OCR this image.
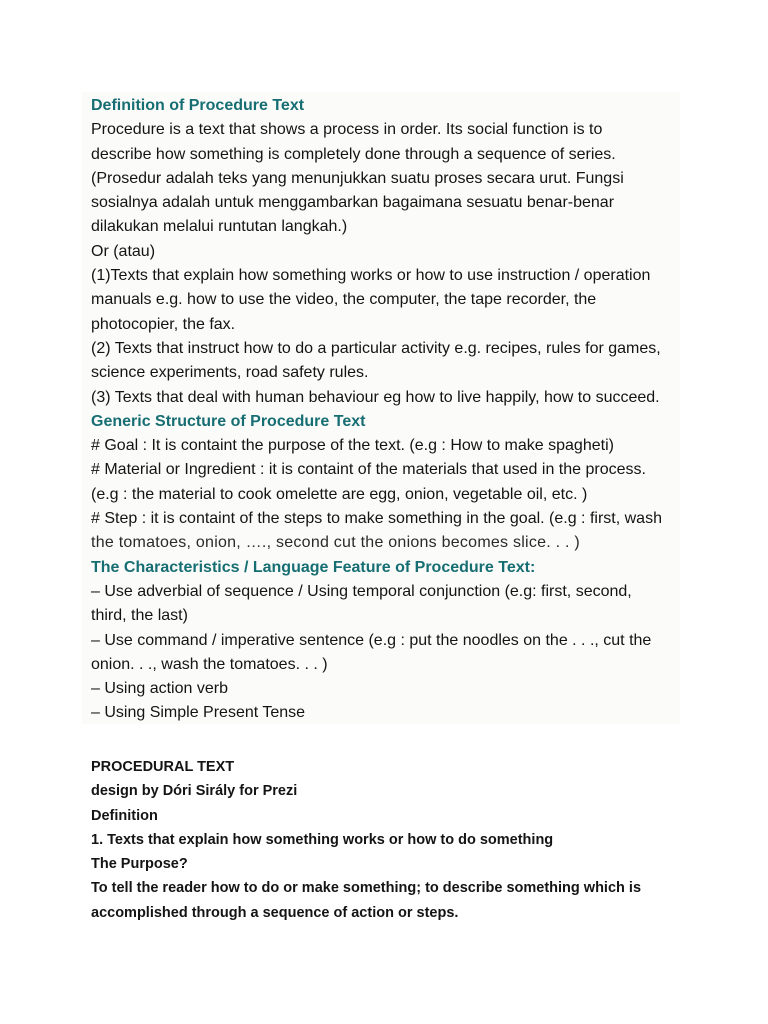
Definition of Procedure Text
Procedure is a text that shows a process in order. Its social function is to
describe how something is completely done through a sequence of series.
(Prosedur adalah teks yang menunjukkan suatu proses secara urut. Fungsi
sosialnya adalah untuk menggambarkan bagaimana sesuatu benar-benar
dilakukan melalui runtutan langkah.)
Or (atau)
(1)Texts that explain how something works or how to use instruction / operation
manuals e.g. how to use the video, the computer, the tape recorder, the
photocopier, the fax.
(2) Texts that instruct how to do a particular activity e.g. recipes, rules for games,
science experiments, road safety rules.
(3) Texts that deal with human behaviour eg how to live happily, how to succeed.
Generic Structure of Procedure Text
# Goal : It is containt the purpose of the text. (e.g : How to make spagheti)
# Material or Ingredient : it is containt of the materials that used in the process.
(e.g : the material to cook omelette are egg, onion, vegetable oil, etc. )
# Step : it is containt of the steps to make something in the goal. (e.g : first, wash
the tomatoes, onion, …., second cut the onions becomes slice. . . )
The Characteristics / Language Feature of Procedure Text:
– Use adverbial of sequence / Using temporal conjunction (e.g: first, second,
third, the last)
– Use command / imperative sentence (e.g : put the noodles on the . . ., cut the
onion. . ., wash the tomatoes. . . )
– Using action verb
– Using Simple Present Tense
PROCEDURAL TEXT
design by Dóri Sirály for Prezi
Definition
1. Texts that explain how something works or how to do something
The Purpose?
To tell the reader how to do or make something; to describe something which is
accomplished through a sequence of action or steps.
